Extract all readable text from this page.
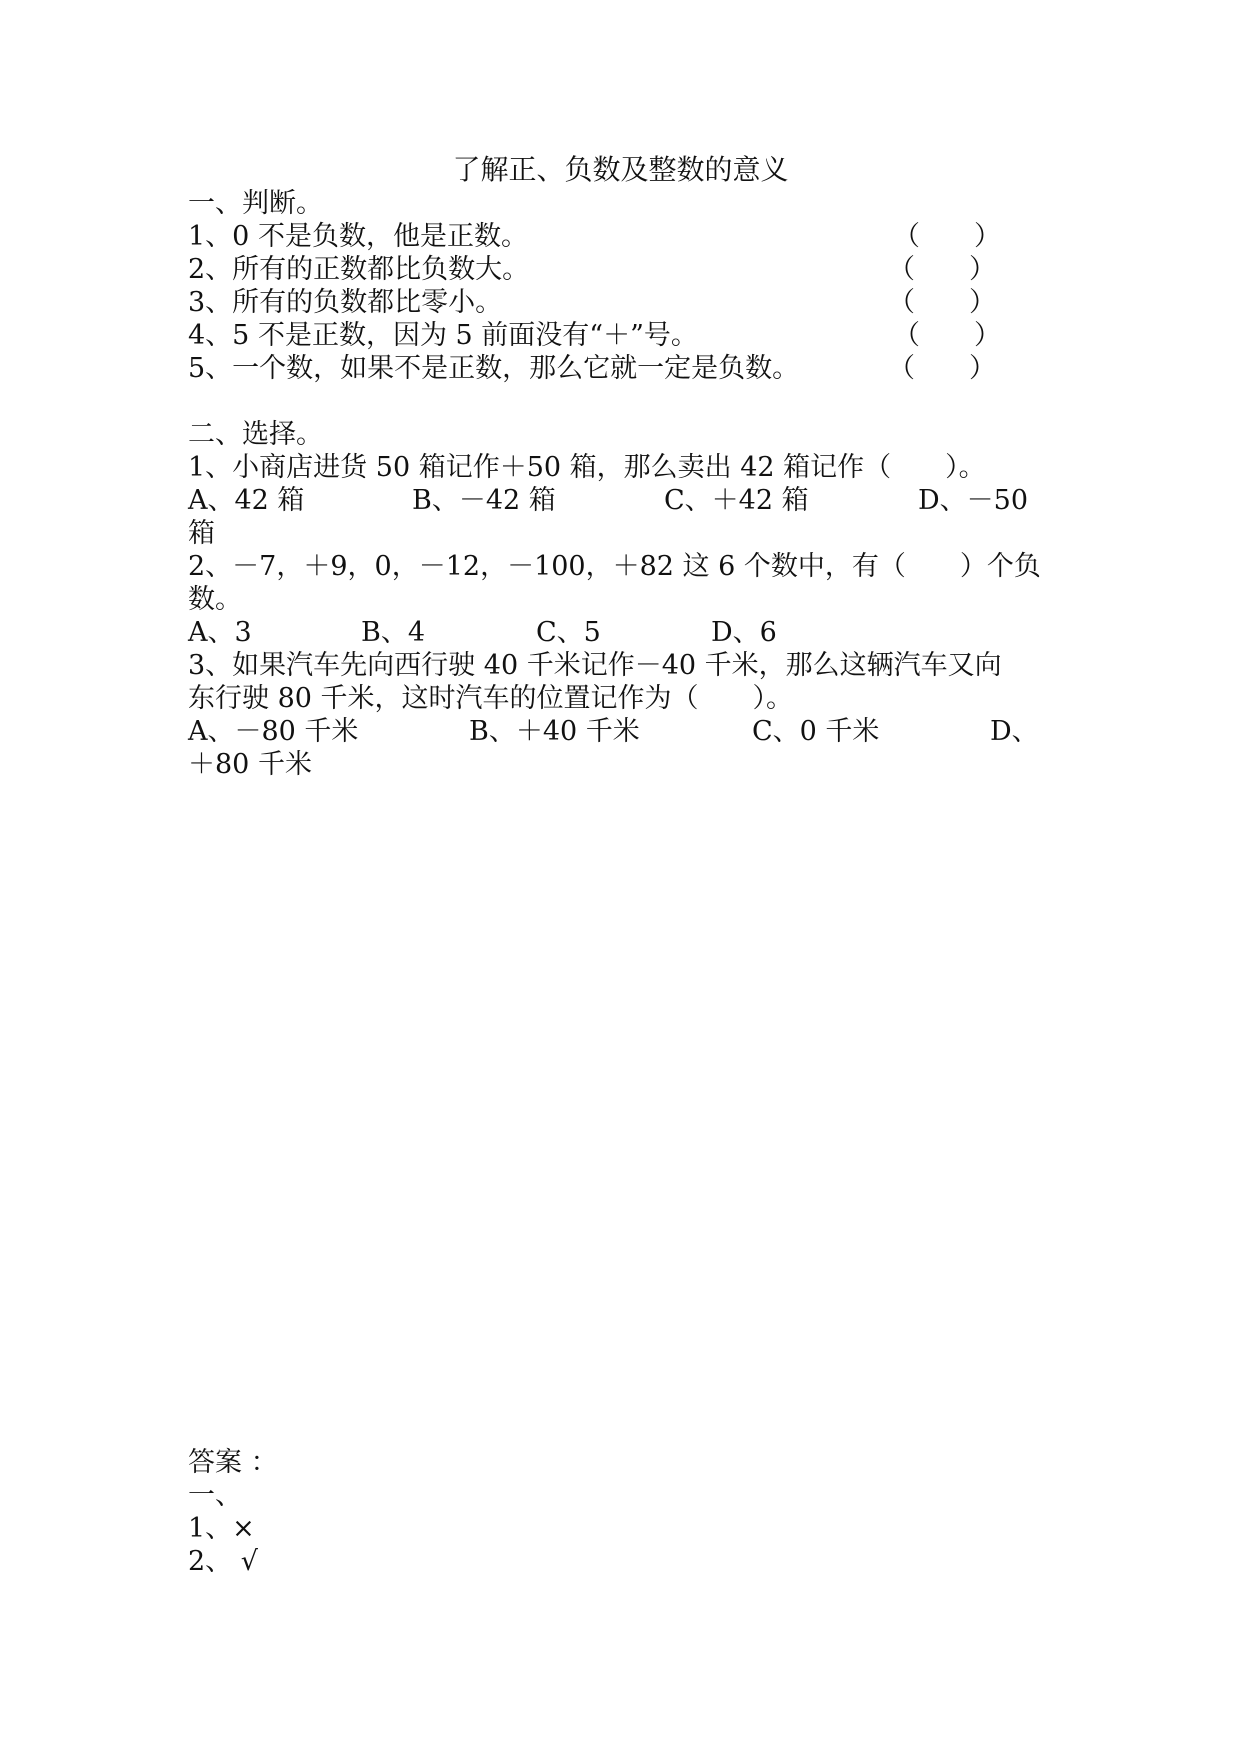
了解正、负数及整数的意义
一、判断。
1、0 不是负数，他是正数。	（　　）
2、所有的正数都比负数大。	（　　）
3、所有的负数都比零小。	（　　）
4、5 不是正数，因为 5 前面没有“＋”号。	（　　）
5、一个数，如果不是正数，那么它就一定是负数。	（　　）
二、选择。
1、小商店进货 50 箱记作＋50 箱，那么卖出 42 箱记作（　　）。
A、42 箱	B、－42 箱	C、＋42 箱	D、－50
箱
2、－7，＋9，0，－12，－100，＋82 这 6 个数中，有（　　）个负
数。
A、3	B、4	C、5	D、6
3、如果汽车先向西行驶 40 千米记作－40 千米，那么这辆汽车又向
东行驶 80 千米，这时汽车的位置记作为（　　）。
A、－80 千米	B、＋40 千米	C、0 千米	D、
＋80 千米
答案 ：
一、
1、×
2、 √
